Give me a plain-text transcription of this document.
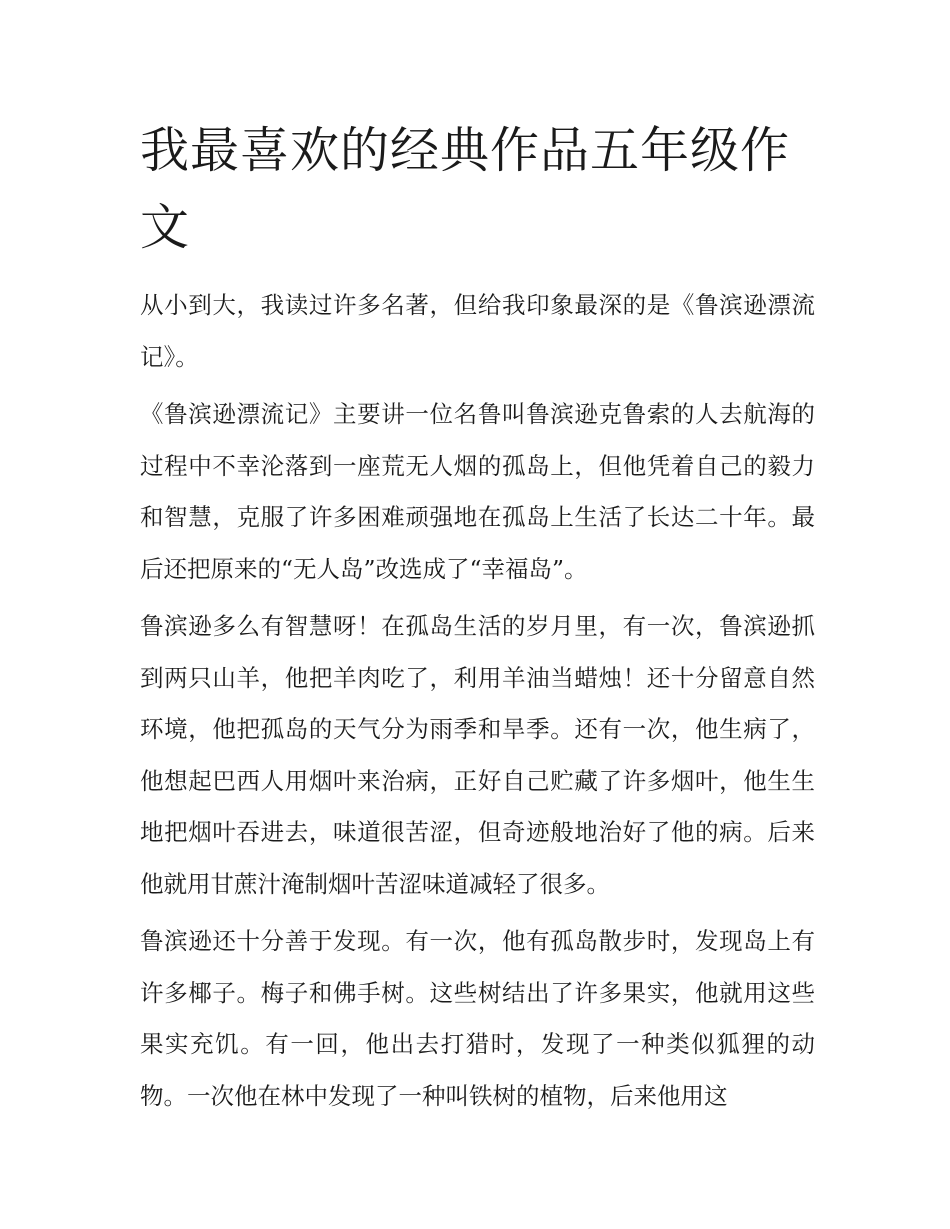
我最喜欢的经典作品五年级作文

从小到大，我读过许多名著，但给我印象最深的是《鲁滨逊漂流记》。

《鲁滨逊漂流记》主要讲一位名鲁叫鲁滨逊克鲁索的人去航海的过程中不幸沦落到一座荒无人烟的孤岛上，但他凭着自己的毅力和智慧，克服了许多困难顽强地在孤岛上生活了长达二十年。最后还把原来的“无人岛”改选成了“幸福岛”。

鲁滨逊多么有智慧呀！在孤岛生活的岁月里，有一次，鲁滨逊抓到两只山羊，他把羊肉吃了，利用羊油当蜡烛！还十分留意自然环境，他把孤岛的天气分为雨季和旱季。还有一次，他生病了，他想起巴西人用烟叶来治病，正好自己贮藏了许多烟叶，他生生地把烟叶吞进去，味道很苦涩，但奇迹般地治好了他的病。后来他就用甘蔗汁淹制烟叶苦涩味道减轻了很多。

鲁滨逊还十分善于发现。有一次，他有孤岛散步时，发现岛上有许多椰子。梅子和佛手树。这些树结出了许多果实，他就用这些果实充饥。有一回，他出去打猎时，发现了一种类似狐狸的动物。一次他在林中发现了一种叫铁树的植物，后来他用这
